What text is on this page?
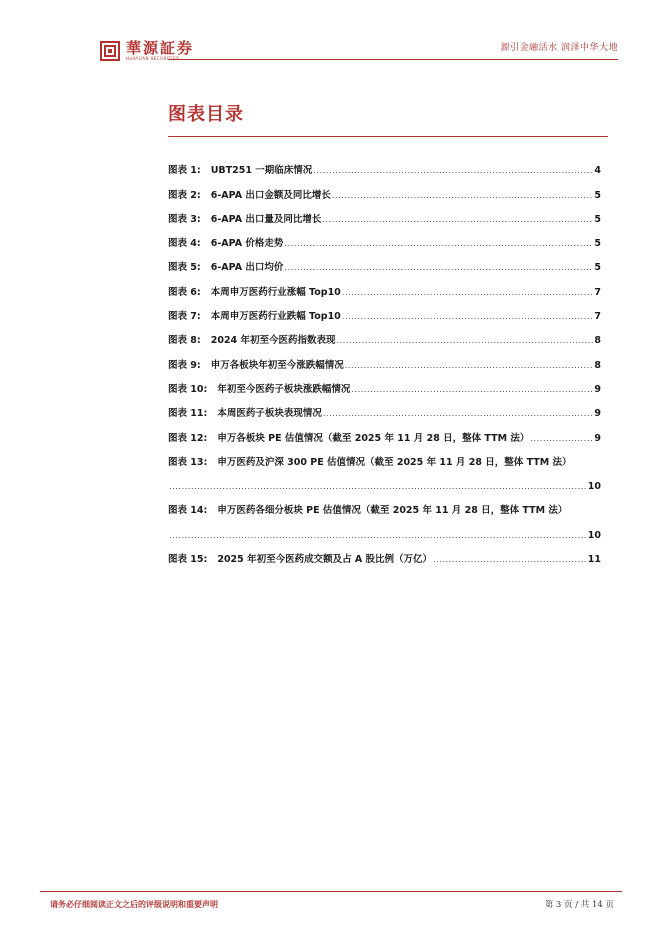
華源証券
HUAYUAN SECURITIES
源引金融活水 润泽中华大地
图表目录
图表 1: UBT251 一期临床情况 .....	4
图表 2: 6-APA 出口金额及同比增长 .....	5
图表 3: 6-APA 出口量及同比增长 .....	5
图表 4: 6-APA 价格走势 .....	5
图表 5: 6-APA 出口均价 .....	5
图表 6: 本周申万医药行业涨幅 Top10 .....	7
图表 7: 本周申万医药行业跌幅 Top10 .....	7
图表 8: 2024 年初至今医药指数表现 .....	8
图表 9: 申万各板块年初至今涨跌幅情况 .....	8
图表 10: 年初至今医药子板块涨跌幅情况 .....	9
图表 11: 本周医药子板块表现情况 .....	9
图表 12: 申万各板块 PE 估值情况（截至 2025 年 11 月 28 日，整体 TTM 法） .....	9
图表 13: 申万医药及沪深 300 PE 估值情况（截至 2025 年 11 月 28 日，整体 TTM 法）
.....
10
图表 14: 申万医药各细分板块 PE 估值情况（截至 2025 年 11 月 28 日，整体 TTM 法）
.....
10
图表 15: 2025 年初至今医药成交额及占 A 股比例（万亿） .....	11
请务必仔细阅读正文之后的评级说明和重要声明	第 3 页 / 共 14 页
